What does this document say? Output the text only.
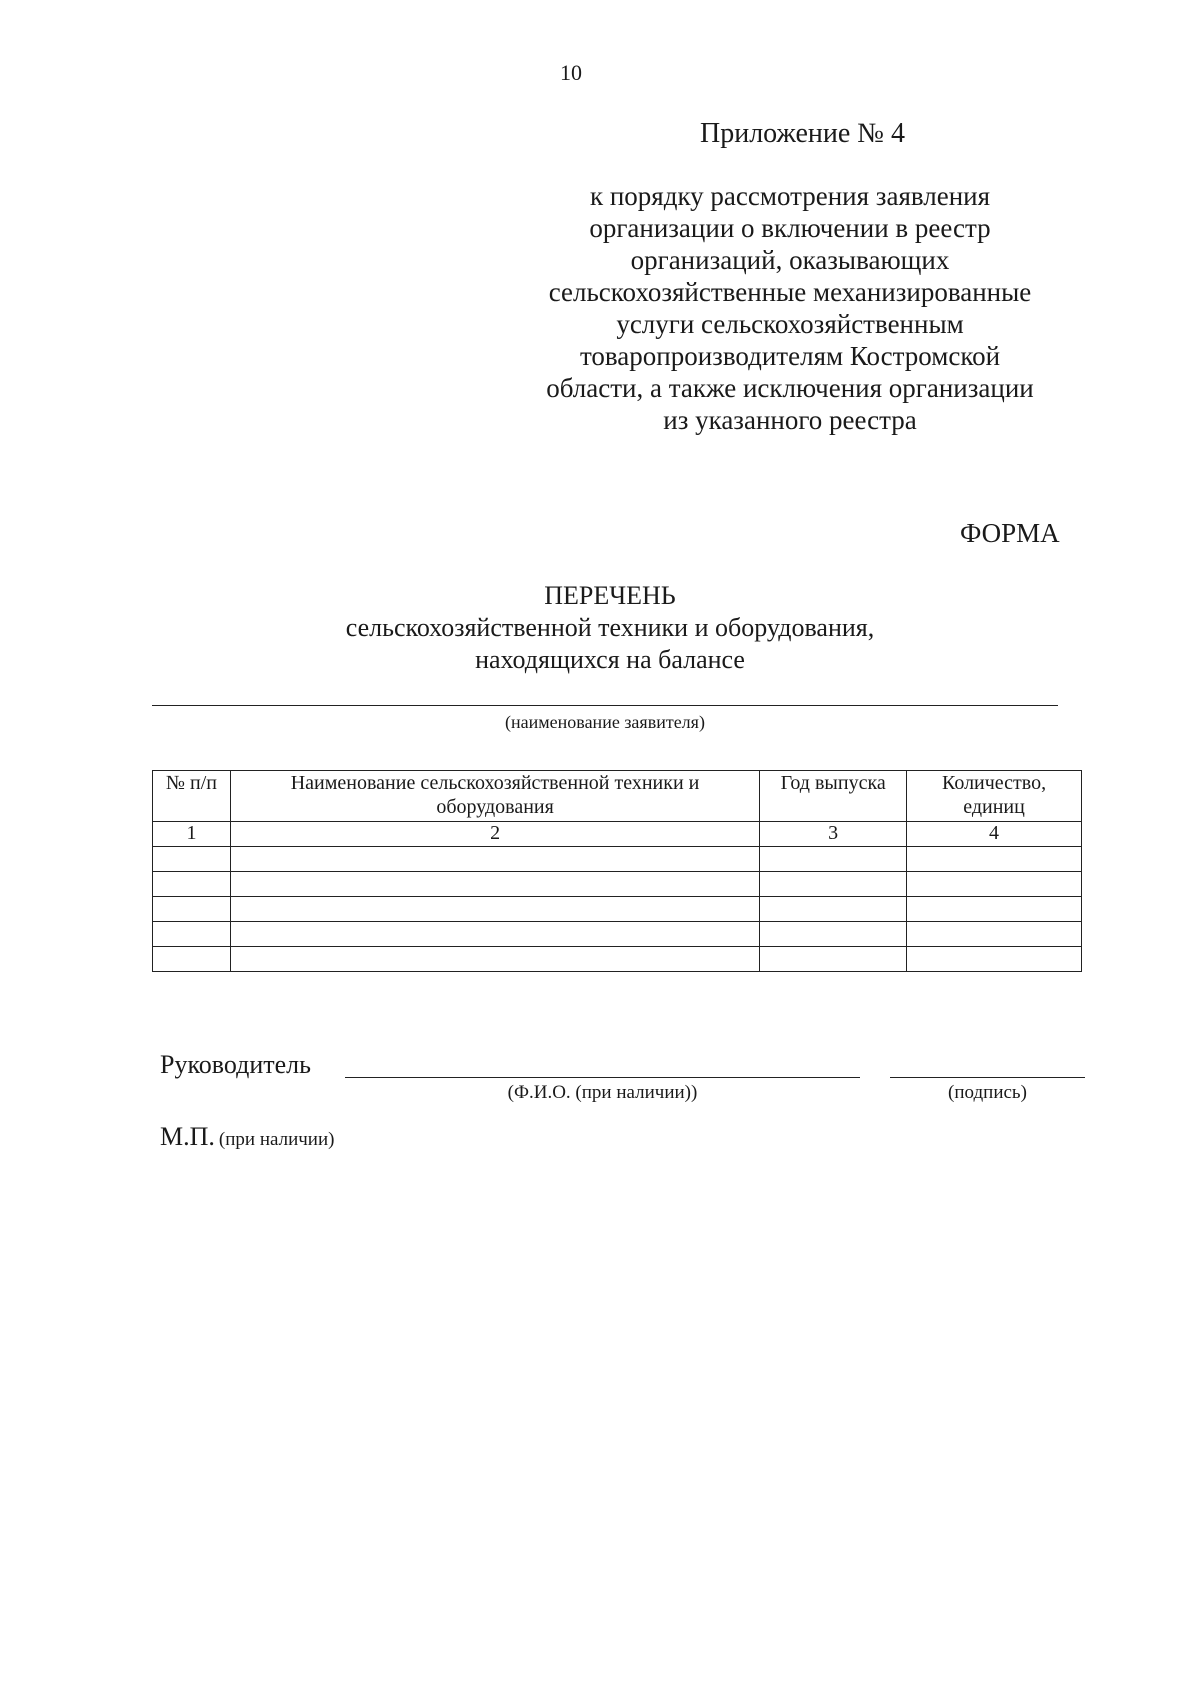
10
Приложение № 4
к порядку рассмотрения заявления
организации о включении в реестр
организаций, оказывающих
сельскохозяйственные механизированные
услуги сельскохозяйственным
товаропроизводителям Костромской
области, а также исключения организации
из указанного реестра
ФОРМА
ПЕРЕЧЕНЬ
сельскохозяйственной техники и оборудования,
находящихся на балансе
(наименование заявителя)
№ п/п	Наименование сельскохозяйственной техники и оборудования	Год выпуска	Количество, единиц
1	2	3	4

Руководитель
(Ф.И.О. (при наличии))	(подпись)
М.П. (при наличии)
